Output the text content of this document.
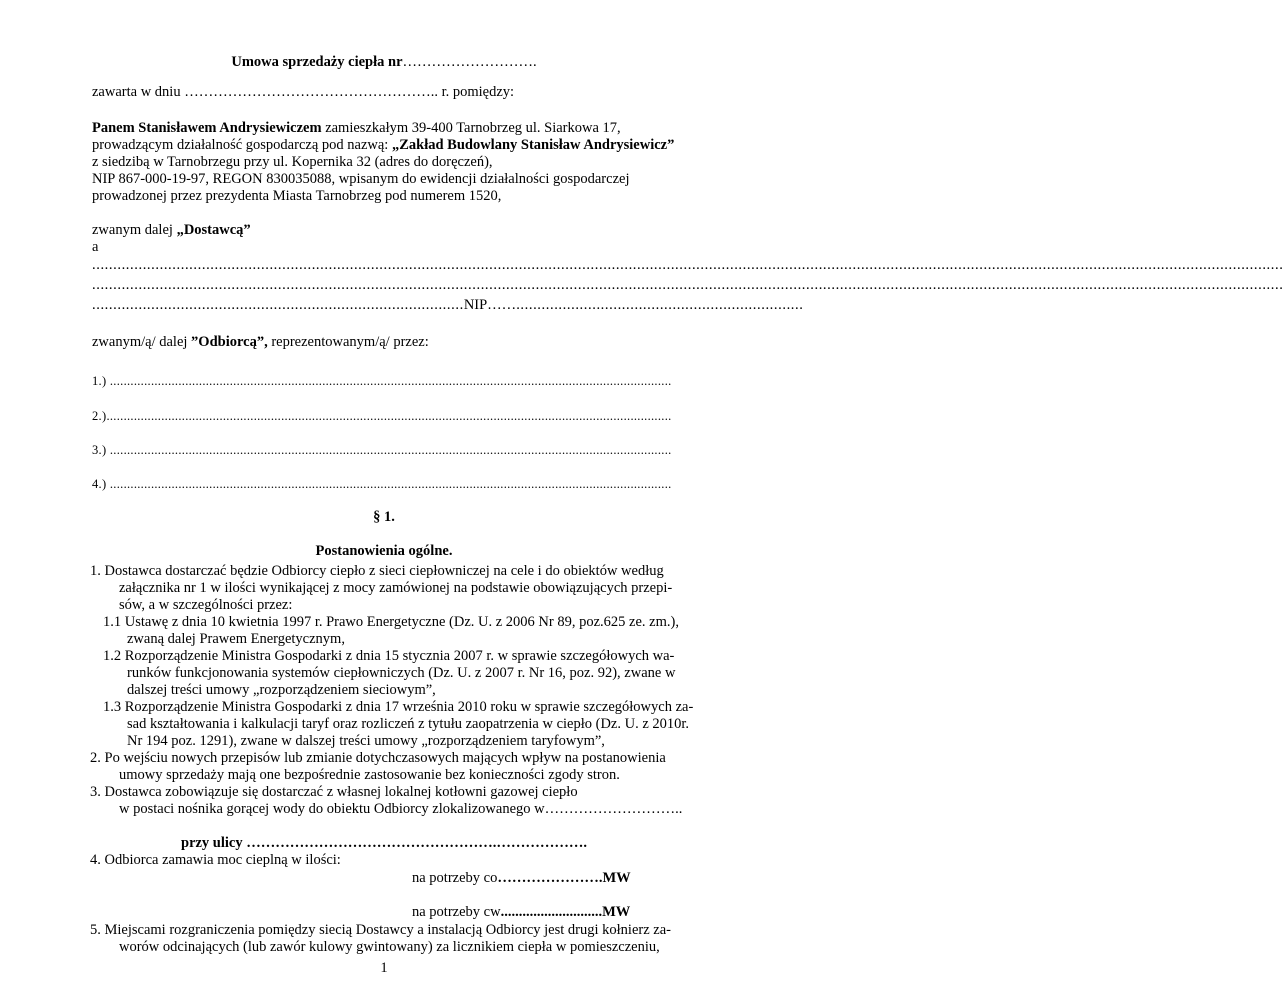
Umowa sprzedaży ciepła nr……………………….
zawarta w dniu …………………………………………….. r. pomiędzy:
Panem Stanisławem Andrysiewiczem zamieszkałym 39-400 Tarnobrzeg ul. Siarkowa 17,
prowadzącym działalność gospodarczą pod nazwą: „Zakład Budowlany Stanisław Andrysiewicz”
z siedzibą w Tarnobrzegu przy ul. Kopernika 32 (adres do doręczeń),
NIP 867-000-19-97, REGON 830035088, wpisanym do ewidencji działalności gospodarczej
prowadzonej przez prezydenta Miasta Tarnobrzeg pod numerem 1520,
zwanym dalej „Dostawcą”
a
..........................................................................................................................................................................................................................................................................................
..........................................................................................................................................................................................................................................................................................
........................................................................................NIP……....................................................................
zwanym/ą/ dalej ”Odbiorcą”, reprezentowanym/ą/ przez:
1.) ....................................................................................................................................................................
2.).....................................................................................................................................................................
3.) ....................................................................................................................................................................
4.) ....................................................................................................................................................................
§ 1.
Postanowienia ogólne.
1. Dostawca dostarczać będzie Odbiorcy ciepło z sieci ciepłowniczej na cele i do obiektów według
załącznika nr 1 w ilości wynikającej z mocy zamówionej na podstawie obowiązujących przepi-
sów, a w szczególności przez:
1.1 Ustawę z dnia 10 kwietnia 1997 r. Prawo Energetyczne (Dz. U. z 2006 Nr 89, poz.625 ze. zm.),
zwaną dalej Prawem Energetycznym,
1.2 Rozporządzenie Ministra Gospodarki z dnia 15 stycznia 2007 r. w sprawie szczegółowych wa-
runków funkcjonowania systemów ciepłowniczych (Dz. U. z 2007 r. Nr 16, poz. 92), zwane w
dalszej treści umowy „rozporządzeniem sieciowym”,
1.3 Rozporządzenie Ministra Gospodarki z dnia 17 września 2010 roku w sprawie szczegółowych za-
sad kształtowania i kalkulacji taryf oraz rozliczeń z tytułu zaopatrzenia w ciepło (Dz. U. z 2010r.
Nr 194 poz. 1291), zwane w dalszej treści umowy „rozporządzeniem taryfowym”,
2. Po wejściu nowych przepisów lub zmianie dotychczasowych mających wpływ na postanowienia
umowy sprzedaży mają one bezpośrednie zastosowanie bez konieczności zgody stron.
3. Dostawca zobowiązuje się dostarczać z własnej lokalnej kotłowni gazowej ciepło
w postaci nośnika gorącej wody do obiektu Odbiorcy zlokalizowanego w………………………..
przy ulicy …………………………………………….……………….
4. Odbiorca zamawia moc cieplną w ilości:
na potrzeby co………………….MW
na potrzeby cw............................MW
5. Miejscami rozgraniczenia pomiędzy siecią Dostawcy a instalacją Odbiorcy jest drugi kołnierz za-
worów odcinających (lub zawór kulowy gwintowany) za licznikiem ciepła w pomieszczeniu,
1
